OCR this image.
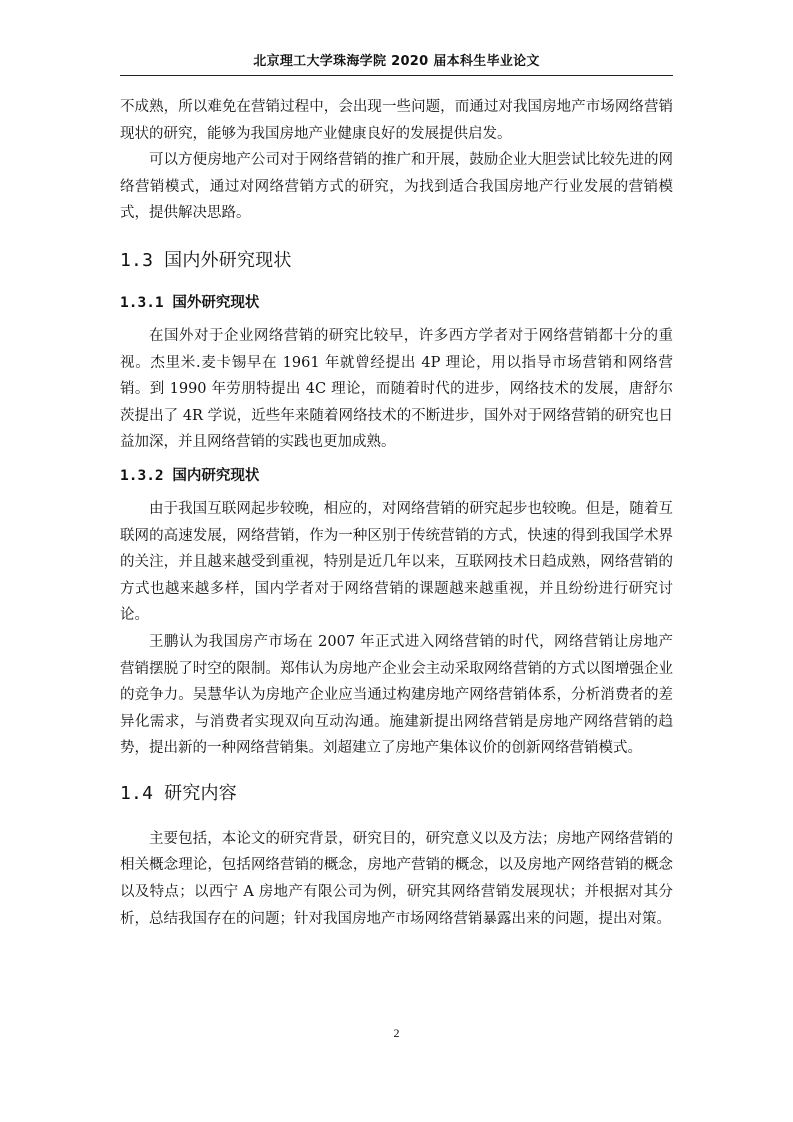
北京理工大学珠海学院 2020 届本科生毕业论文

不成熟，所以难免在营销过程中，会出现一些问题，而通过对我国房地产市场网络营销现状的研究，能够为我国房地产业健康良好的发展提供启发。

可以方便房地产公司对于网络营销的推广和开展，鼓励企业大胆尝试比较先进的网络营销模式，通过对网络营销方式的研究，为找到适合我国房地产行业发展的营销模式，提供解决思路。

1.3 国内外研究现状
1.3.1 国外研究现状

在国外对于企业网络营销的研究比较早，许多西方学者对于网络营销都十分的重视。杰里米.麦卡锡早在 1961 年就曾经提出 4P 理论，用以指导市场营销和网络营销。到 1990 年劳朋特提出 4C 理论，而随着时代的进步，网络技术的发展，唐舒尔茨提出了 4R 学说，近些年来随着网络技术的不断进步，国外对于网络营销的研究也日益加深，并且网络营销的实践也更加成熟。

1.3.2 国内研究现状

由于我国互联网起步较晚，相应的，对网络营销的研究起步也较晚。但是，随着互联网的高速发展，网络营销，作为一种区别于传统营销的方式，快速的得到我国学术界的关注，并且越来越受到重视，特别是近几年以来，互联网技术日趋成熟，网络营销的方式也越来越多样，国内学者对于网络营销的课题越来越重视，并且纷纷进行研究讨论。

王鹏认为我国房产市场在 2007 年正式进入网络营销的时代，网络营销让房地产营销摆脱了时空的限制。郑伟认为房地产企业会主动采取网络营销的方式以图增强企业的竞争力。吴慧华认为房地产企业应当通过构建房地产网络营销体系，分析消费者的差异化需求，与消费者实现双向互动沟通。施建新提出网络营销是房地产网络营销的趋势，提出新的一种网络营销集。刘超建立了房地产集体议价的创新网络营销模式。

1.4 研究内容

主要包括，本论文的研究背景，研究目的，研究意义以及方法；房地产网络营销的相关概念理论，包括网络营销的概念，房地产营销的概念，以及房地产网络营销的概念以及特点；以西宁 A 房地产有限公司为例，研究其网络营销发展现状；并根据对其分析，总结我国存在的问题；针对我国房地产市场网络营销暴露出来的问题，提出对策。

2
